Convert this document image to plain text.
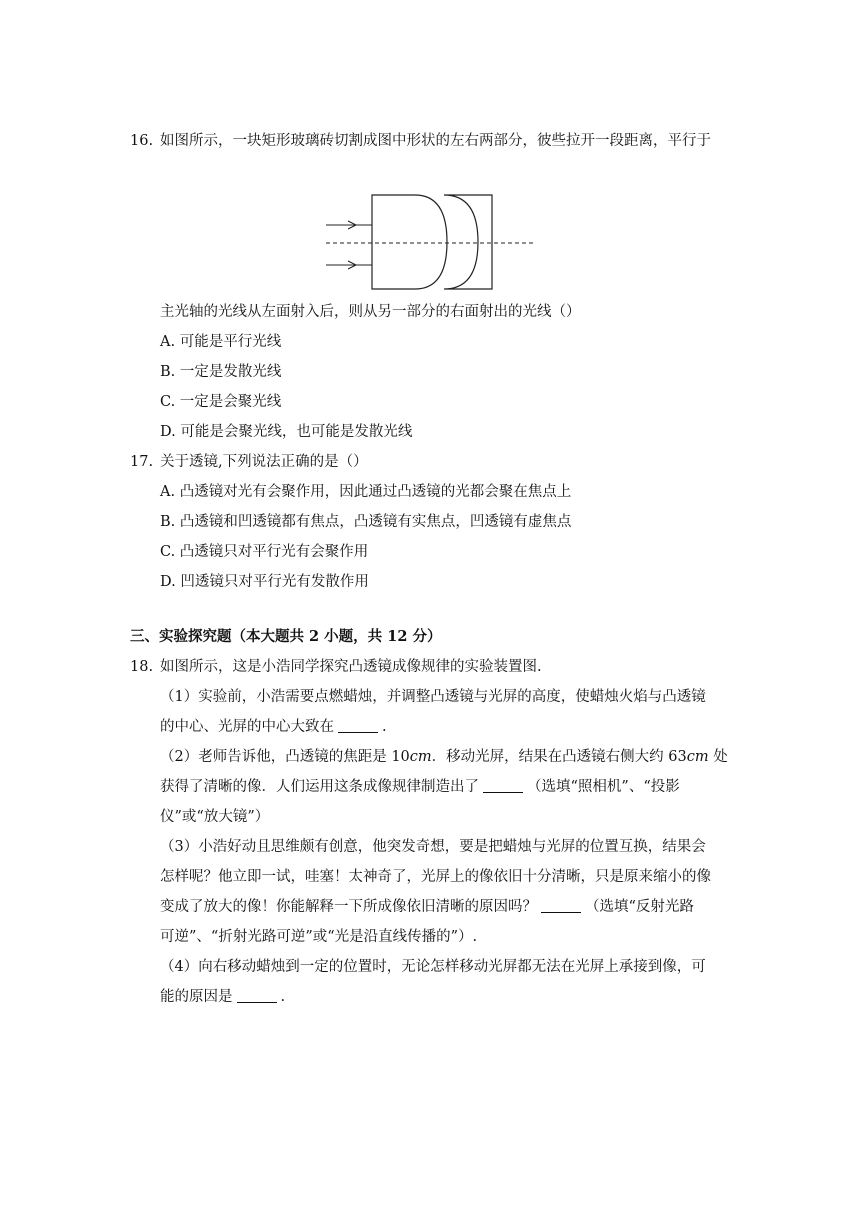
16. 如图所示，一块矩形玻璃砖切割成图中形状的左右两部分，彼些拉开一段距离，平行于
主光轴的光线从左面射入后，则从另一部分的右面射出的光线（）
A. 可能是平行光线
B. 一定是发散光线
C. 一定是会聚光线
D. 可能是会聚光线，也可能是发散光线
17. 关于透镜,下列说法正确的是（）
A. 凸透镜对光有会聚作用，因此通过凸透镜的光都会聚在焦点上
B. 凸透镜和凹透镜都有焦点，凸透镜有实焦点，凹透镜有虚焦点
C. 凸透镜只对平行光有会聚作用
D. 凹透镜只对平行光有发散作用
三、实验探究题（本大题共 2 小题，共 12 分）
18. 如图所示，这是小浩同学探究凸透镜成像规律的实验装置图.
（1）实验前，小浩需要点燃蜡烛，并调整凸透镜与光屏的高度，使蜡烛火焰与凸透镜
的中心、光屏的中心大致在	.
（2）老师告诉他，凸透镜的焦距是 10cm．移动光屏，结果在凸透镜右侧大约 63cm 处
获得了清晰的像．人们运用这条成像规律制造出了	（选填“照相机”、“投影
仪”或“放大镜”）
（3）小浩好动且思维颇有创意，他突发奇想，要是把蜡烛与光屏的位置互换，结果会
怎样呢？他立即一试，哇塞！太神奇了，光屏上的像依旧十分清晰，只是原来缩小的像
变成了放大的像！你能解释一下所成像依旧清晰的原因吗？	（选填“反射光路
可逆”、“折射光路可逆”或“光是沿直线传播的”）.
（4）向右移动蜡烛到一定的位置时，无论怎样移动光屏都无法在光屏上承接到像，可
能的原因是	.
